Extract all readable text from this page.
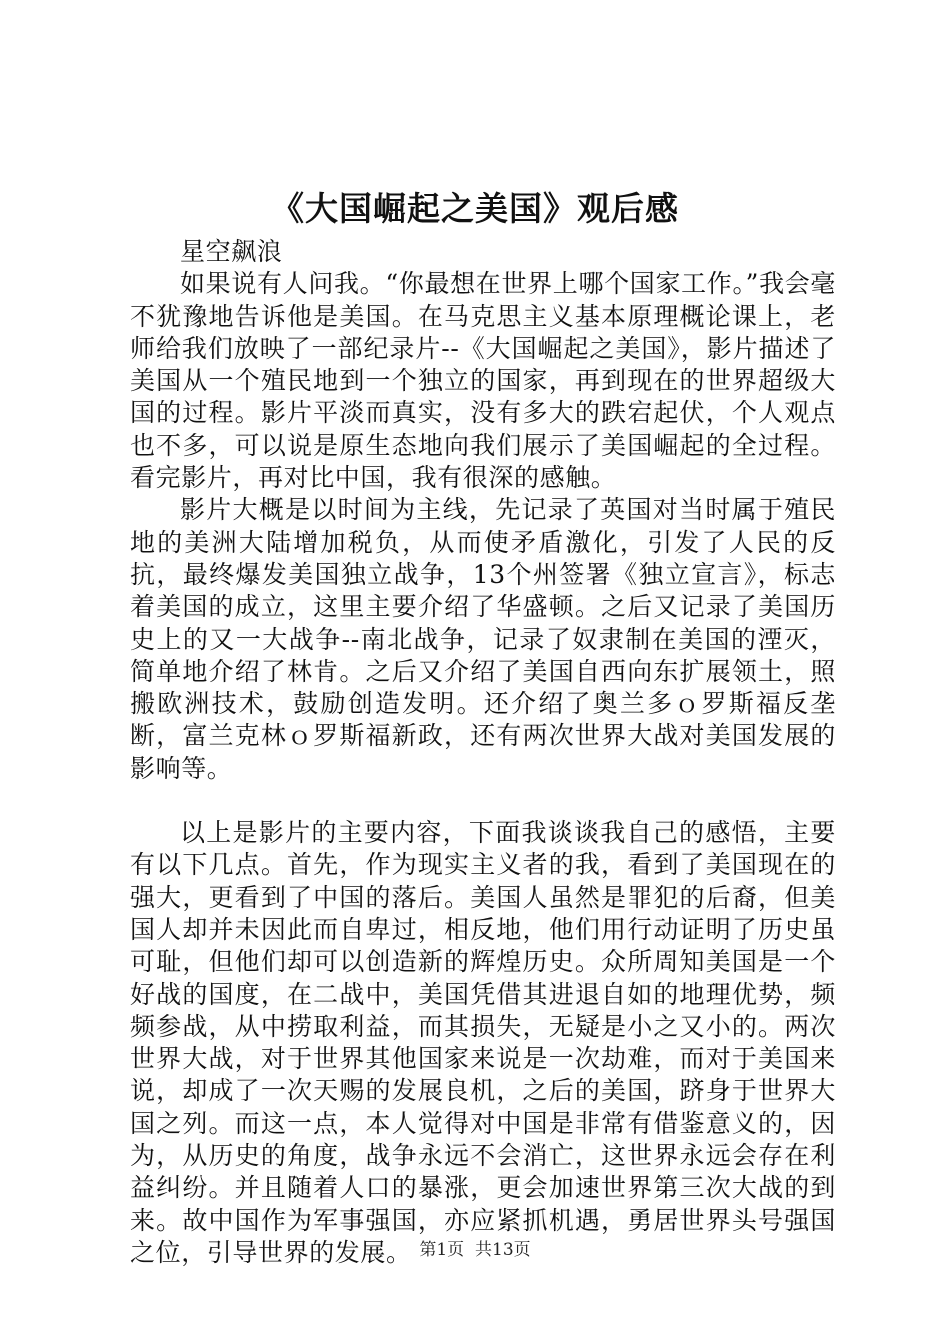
《大国崛起之美国》观后感

星空飙浪

如果说有人问我。“你最想在世界上哪个国家工作。”我会毫不犹豫地告诉他是美国。在马克思主义基本原理概论课上，老师给我们放映了一部纪录片--《大国崛起之美国》，影片描述了美国从一个殖民地到一个独立的国家，再到现在的世界超级大国的过程。影片平淡而真实，没有多大的跌宕起伏，个人观点也不多，可以说是原生态地向我们展示了美国崛起的全过程。看完影片，再对比中国，我有很深的感触。

影片大概是以时间为主线，先记录了英国对当时属于殖民地的美洲大陆增加税负，从而使矛盾激化，引发了人民的反抗，最终爆发美国独立战争，13个州签署《独立宣言》，标志着美国的成立，这里主要介绍了华盛顿。之后又记录了美国历史上的又一大战争--南北战争，记录了奴隶制在美国的湮灭，简单地介绍了林肯。之后又介绍了美国自西向东扩展领土，照搬欧洲技术，鼓励创造发明。还介绍了奥兰多ｏ罗斯福反垄断，富兰克林ｏ罗斯福新政，还有两次世界大战对美国发展的影响等。

以上是影片的主要内容，下面我谈谈我自己的感悟，主要有以下几点。首先，作为现实主义者的我，看到了美国现在的强大，更看到了中国的落后。美国人虽然是罪犯的后裔，但美国人却并未因此而自卑过，相反地，他们用行动证明了历史虽可耻，但他们却可以创造新的辉煌历史。众所周知美国是一个好战的国度，在二战中，美国凭借其进退自如的地理优势，频频参战，从中捞取利益，而其损失，无疑是小之又小的。两次世界大战，对于世界其他国家来说是一次劫难，而对于美国来说，却成了一次天赐的发展良机，之后的美国，跻身于世界大国之列。而这一点，本人觉得对中国是非常有借鉴意义的，因为，从历史的角度，战争永远不会消亡，这世界永远会存在利益纠纷。并且随着人口的暴涨，更会加速世界第三次大战的到来。故中国作为军事强国，亦应紧抓机遇，勇居世界头号强国之位，引导世界的发展。 第1页 共13页
